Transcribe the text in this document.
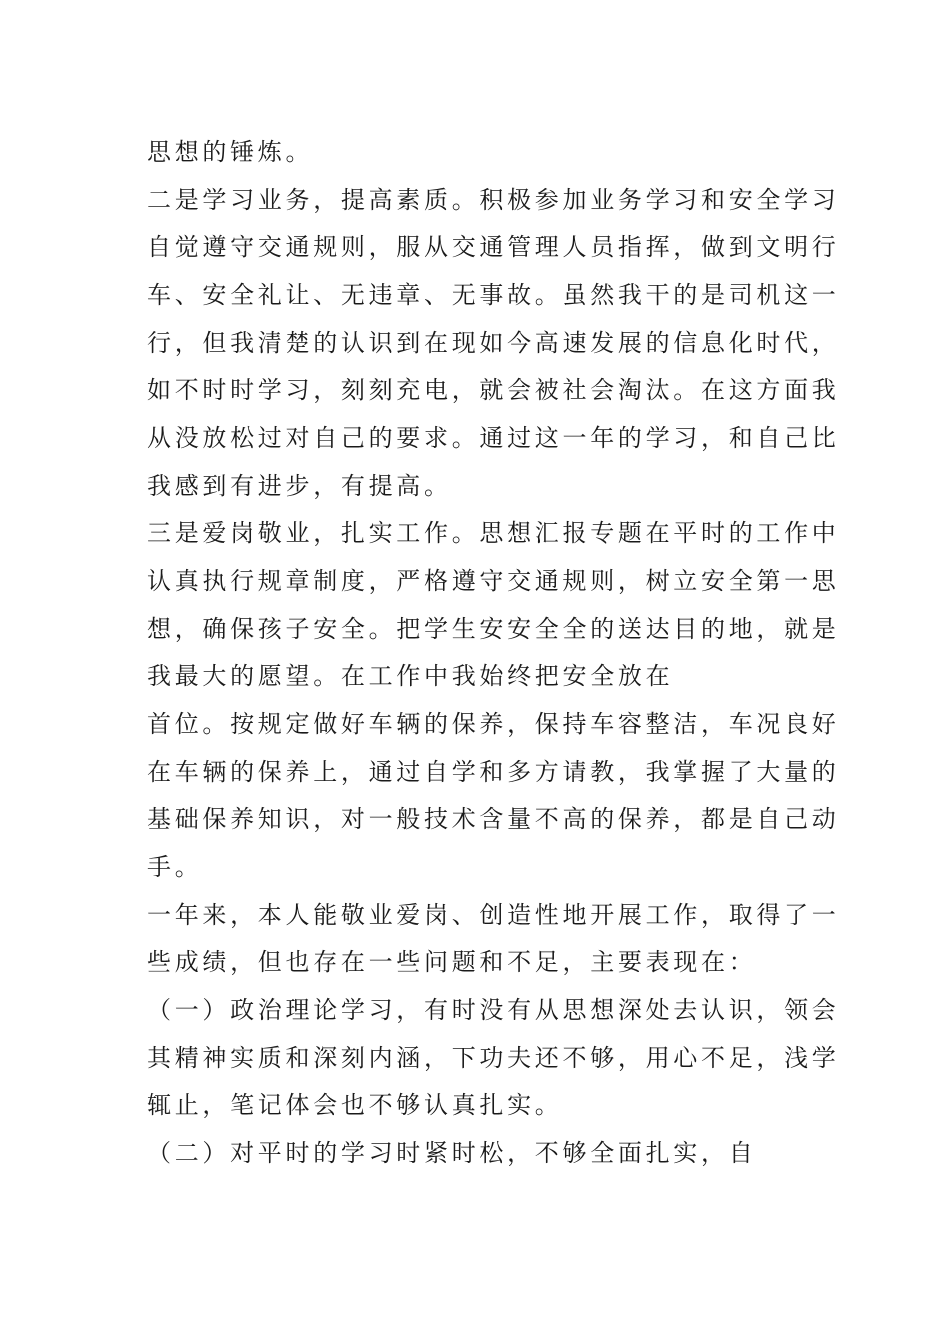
思想的锤炼。
二是学习业务，提高素质。积极参加业务学习和安全学习
自觉遵守交通规则，服从交通管理人员指挥，做到文明行
车、安全礼让、无违章、无事故。虽然我干的是司机这一
行，但我清楚的认识到在现如今高速发展的信息化时代，
如不时时学习，刻刻充电，就会被社会淘汰。在这方面我
从没放松过对自己的要求。通过这一年的学习，和自己比
我感到有进步，有提高。
三是爱岗敬业，扎实工作。思想汇报专题在平时的工作中
认真执行规章制度，严格遵守交通规则，树立安全第一思
想，确保孩子安全。把学生安安全全的送达目的地，就是
我最大的愿望。在工作中我始终把安全放在
首位。按规定做好车辆的保养，保持车容整洁，车况良好
在车辆的保养上，通过自学和多方请教，我掌握了大量的
基础保养知识，对一般技术含量不高的保养，都是自己动
手。
一年来，本人能敬业爱岗、创造性地开展工作，取得了一
些成绩，但也存在一些问题和不足，主要表现在：
（一）政治理论学习，有时没有从思想深处去认识，领会
其精神实质和深刻内涵，下功夫还不够，用心不足，浅学
辄止，笔记体会也不够认真扎实。
（二）对平时的学习时紧时松，不够全面扎实，自
